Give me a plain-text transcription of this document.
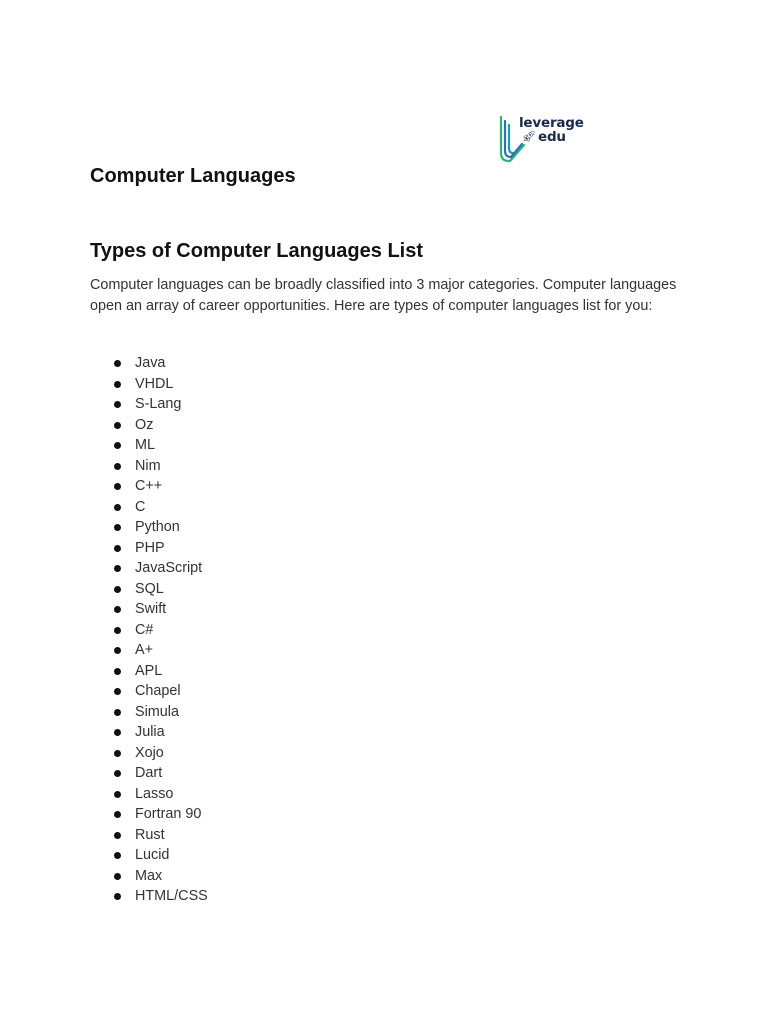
leverage
🚀︎ edu
Computer Languages
Types of Computer Languages List

Computer languages can be broadly classified into 3 major categories. Computer languages open an array of career opportunities. Here are types of computer languages list for you:

Java
VHDL
S-Lang
Oz
ML
Nim
C++
C
Python
PHP
JavaScript
SQL
Swift
C#
A+
APL
Chapel
Simula
Julia
Xojo
Dart
Lasso
Fortran 90
Rust
Lucid
Max
HTML/CSS
